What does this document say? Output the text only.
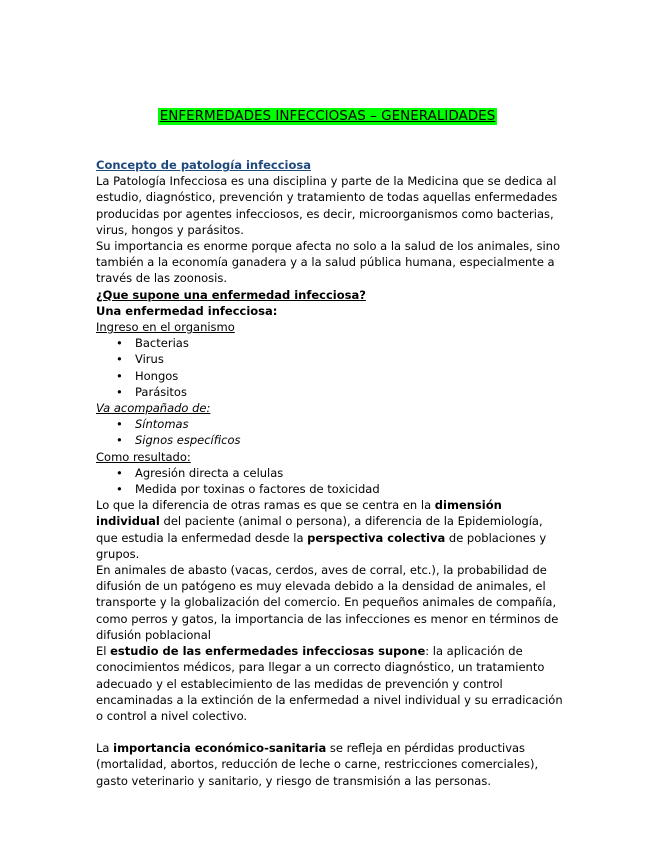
ENFERMEDADES INFECCIOSAS – GENERALIDADES

Concepto de patología infecciosa

La Patología Infecciosa es una disciplina y parte de la Medicina que se dedica al estudio, diagnóstico, prevención y tratamiento de todas aquellas enfermedades producidas por agentes infecciosos, es decir, microorganismos como bacterias, virus, hongos y parásitos.

Su importancia es enorme porque afecta no solo a la salud de los animales, sino también a la economía ganadera y a la salud pública humana, especialmente a través de las zoonosis.

¿Que supone una enfermedad infecciosa?

Una enfermedad infecciosa:

Ingreso en el organismo

• Bacterias
• Virus
• Hongos
• Parásitos

Va acompañado de:

• Síntomas
• Signos específicos

Como resultado:

• Agresión directa a celulas
• Medida por toxinas o factores de toxicidad

Lo que la diferencia de otras ramas es que se centra en la dimensión individual del paciente (animal o persona), a diferencia de la Epidemiología, que estudia la enfermedad desde la perspectiva colectiva de poblaciones y grupos.

En animales de abasto (vacas, cerdos, aves de corral, etc.), la probabilidad de difusión de un patógeno es muy elevada debido a la densidad de animales, el transporte y la globalización del comercio. En pequeños animales de compañía, como perros y gatos, la importancia de las infecciones es menor en términos de difusión poblacional

El estudio de las enfermedades infecciosas supone: la aplicación de conocimientos médicos, para llegar a un correcto diagnóstico, un tratamiento adecuado y el establecimiento de las medidas de prevención y control encaminadas a la extinción de la enfermedad a nivel individual y su erradicación o control a nivel colectivo.

La importancia económico-sanitaria se refleja en pérdidas productivas (mortalidad, abortos, reducción de leche o carne, restricciones comerciales), gasto veterinario y sanitario, y riesgo de transmisión a las personas.
